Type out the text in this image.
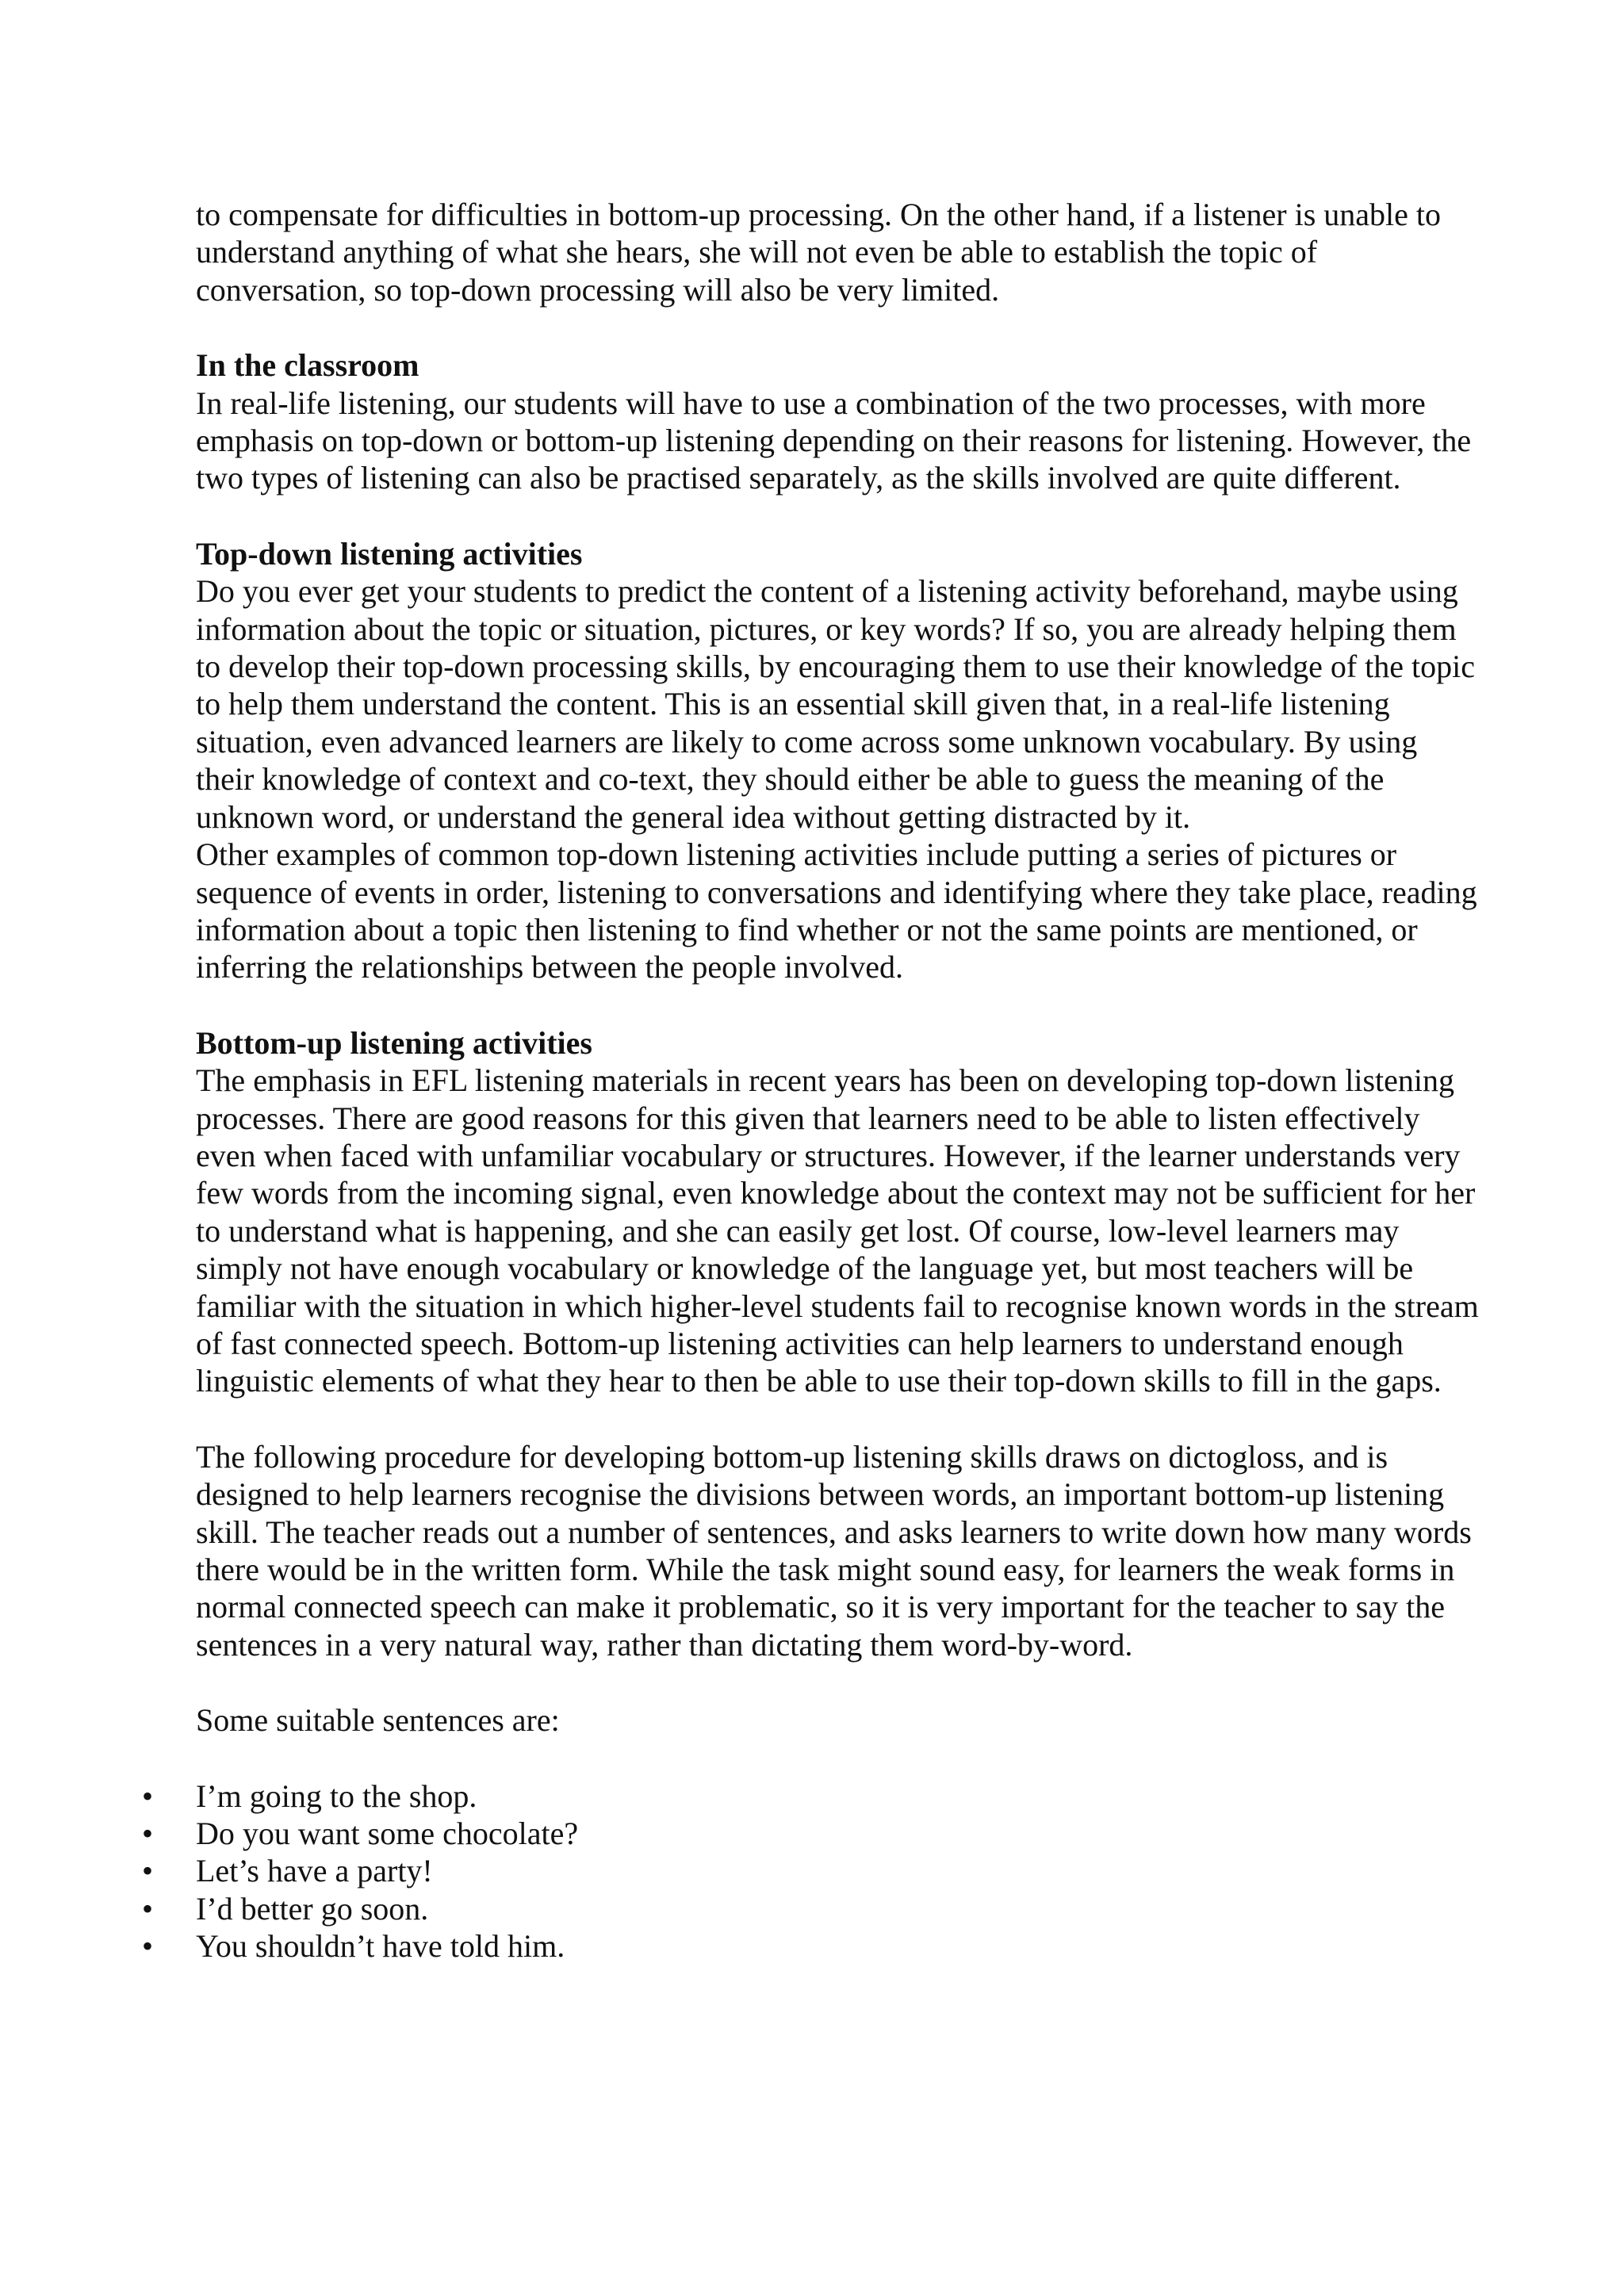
to compensate for difficulties in bottom-up processing. On the other hand, if a listener is unable to understand anything of what she hears, she will not even be able to establish the topic of conversation, so top-down processing will also be very limited.

In the classroom

In real-life listening, our students will have to use a combination of the two processes, with more emphasis on top-down or bottom-up listening depending on their reasons for listening. However, the two types of listening can also be practised separately, as the skills involved are quite different.

Top-down listening activities

Do you ever get your students to predict the content of a listening activity beforehand, maybe using information about the topic or situation, pictures, or key words? If so, you are already helping them to develop their top-down processing skills, by encouraging them to use their knowledge of the topic to help them understand the content. This is an essential skill given that, in a real-life listening situation, even advanced learners are likely to come across some unknown vocabulary. By using their knowledge of context and co-text, they should either be able to guess the meaning of the unknown word, or understand the general idea without getting distracted by it.

Other examples of common top-down listening activities include putting a series of pictures or sequence of events in order, listening to conversations and identifying where they take place, reading information about a topic then listening to find whether or not the same points are mentioned, or inferring the relationships between the people involved.

Bottom-up listening activities

The emphasis in EFL listening materials in recent years has been on developing top-down listening processes. There are good reasons for this given that learners need to be able to listen effectively even when faced with unfamiliar vocabulary or structures. However, if the learner understands very few words from the incoming signal, even knowledge about the context may not be sufficient for her to understand what is happening, and she can easily get lost. Of course, low-level learners may simply not have enough vocabulary or knowledge of the language yet, but most teachers will be familiar with the situation in which higher-level students fail to recognise known words in the stream of fast connected speech. Bottom-up listening activities can help learners to understand enough linguistic elements of what they hear to then be able to use their top-down skills to fill in the gaps.

The following procedure for developing bottom-up listening skills draws on dictogloss, and is designed to help learners recognise the divisions between words, an important bottom-up listening skill. The teacher reads out a number of sentences, and asks learners to write down how many words there would be in the written form. While the task might sound easy, for learners the weak forms in normal connected speech can make it problematic, so it is very important for the teacher to say the sentences in a very natural way, rather than dictating them word-by-word.

Some suitable sentences are:

• I’m going to the shop.
• Do you want some chocolate?
• Let’s have a party!
• I’d better go soon.
• You shouldn’t have told him.
